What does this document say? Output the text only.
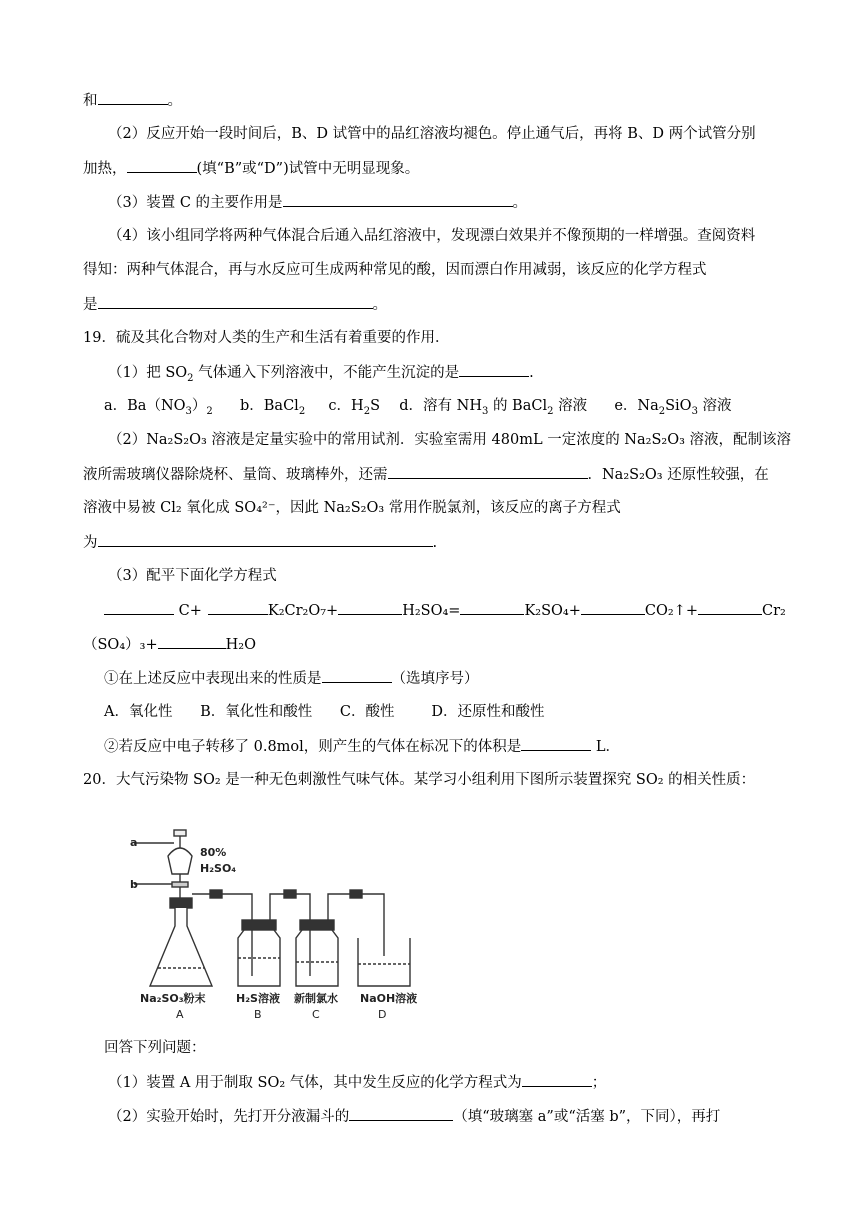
和	。
（2）反应开始一段时间后，B、D 试管中的品红溶液均褪色。停止通气后，再将 B、D 两个试管分别
加热，	(填“B”或“D”)试管中无明显现象。
（3）装置 C 的主要作用是	。
（4）该小组同学将两种气体混合后通入品红溶液中，发现漂白效果并不像预期的一样增强。查阅资料
得知：两种气体混合，再与水反应可生成两种常见的酸，因而漂白作用减弱，该反应的化学方程式
是	。
19．硫及其化合物对人类的生产和生活有着重要的作用．
（1）把 $SO_2$ 气体通入下列溶液中，不能产生沉淀的是	.
a．$Ba(NO_3)_2$ b．BaCl$_2$ c．$H_2S$ d．溶有 $NH_3$ 的 BaCl$_2$ 溶液 e．$Na_2SiO_3$ 溶液
（2）Na₂S₂O₃ 溶液是定量实验中的常用试剂．实验室需用 480mL 一定浓度的 Na₂S₂O₃ 溶液，配制该溶
液所需玻璃仪器除烧杯、量筒、玻璃棒外，还需	．Na₂S₂O₃ 还原性较强，在
溶液中易被 Cl₂ 氧化成 SO₄²⁻，因此 Na₂S₂O₃ 常用作脱氯剂，该反应的离子方程式
为	.
（3）配平下面化学方程式
C+	K₂Cr₂O₇+	H₂SO₄=	K₂SO₄+	CO₂↑+	Cr₂
（SO₄）₃+	H₂O
①在上述反应中表现出来的性质是	（选填序号）
A．氧化性      B．氧化性和酸性      C．酸性        D．还原性和酸性
②若反应中电子转移了 0.8mol，则产生的气体在标况下的体积是	L．
20．大气污染物 SO₂ 是一种无色刺激性气味气体。某学习小组利用下图所示装置探究 SO₂ 的相关性质：
a
b
80%
H₂SO₄
Na₂SO₃粉末	H₂S溶液 新制氯水 NaOH溶液
A	B	C	D
回答下列问题：
（1）装置 A 用于制取 SO₂ 气体，其中发生反应的化学方程式为	；
（2）实验开始时，先打开分液漏斗的	（填“玻璃塞 a”或“活塞 b”，下同），再打
